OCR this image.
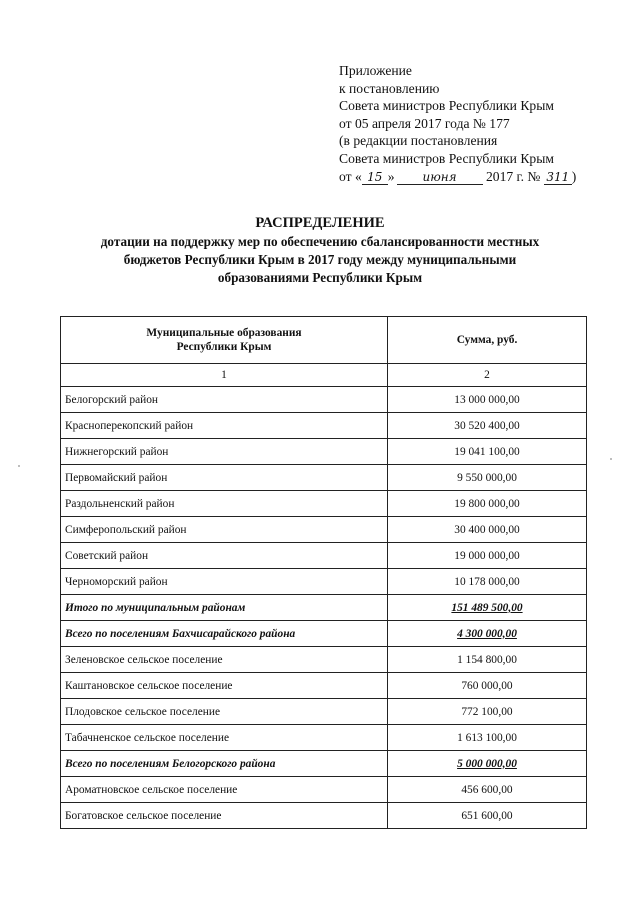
Приложение
к постановлению
Совета министров Республики Крым
от 05 апреля 2017 года № 177
(в редакции постановления
Совета министров Республики Крым
от « 15 » июня 2017 г. № 311 )
РАСПРЕДЕЛЕНИЕ
дотации на поддержку мер по обеспечению сбалансированности местных
бюджетов Республики Крым в 2017 году между муниципальными
образованиями Республики Крым
Муниципальные образования
Республики Крым	Сумма, руб.
1	2
Белогорский район	13 000 000,00
Красноперекопский район	30 520 400,00
Нижнегорский район	19 041 100,00
Первомайский район	9 550 000,00
Раздольненский район	19 800 000,00
Симферопольский район	30 400 000,00
Советский район	19 000 000,00
Черноморский район	10 178 000,00
Итого по муниципальным районам	151 489 500,00
Всего по поселениям Бахчисарайского района	4 300 000,00
Зеленовское сельское поселение	1 154 800,00
Каштановское сельское поселение	760 000,00
Плодовское сельское поселение	772 100,00
Табачненское сельское поселение	1 613 100,00
Всего по поселениям Белогорского района	5 000 000,00
Ароматновское сельское поселение	456 600,00
Богатовское сельское поселение	651 600,00
